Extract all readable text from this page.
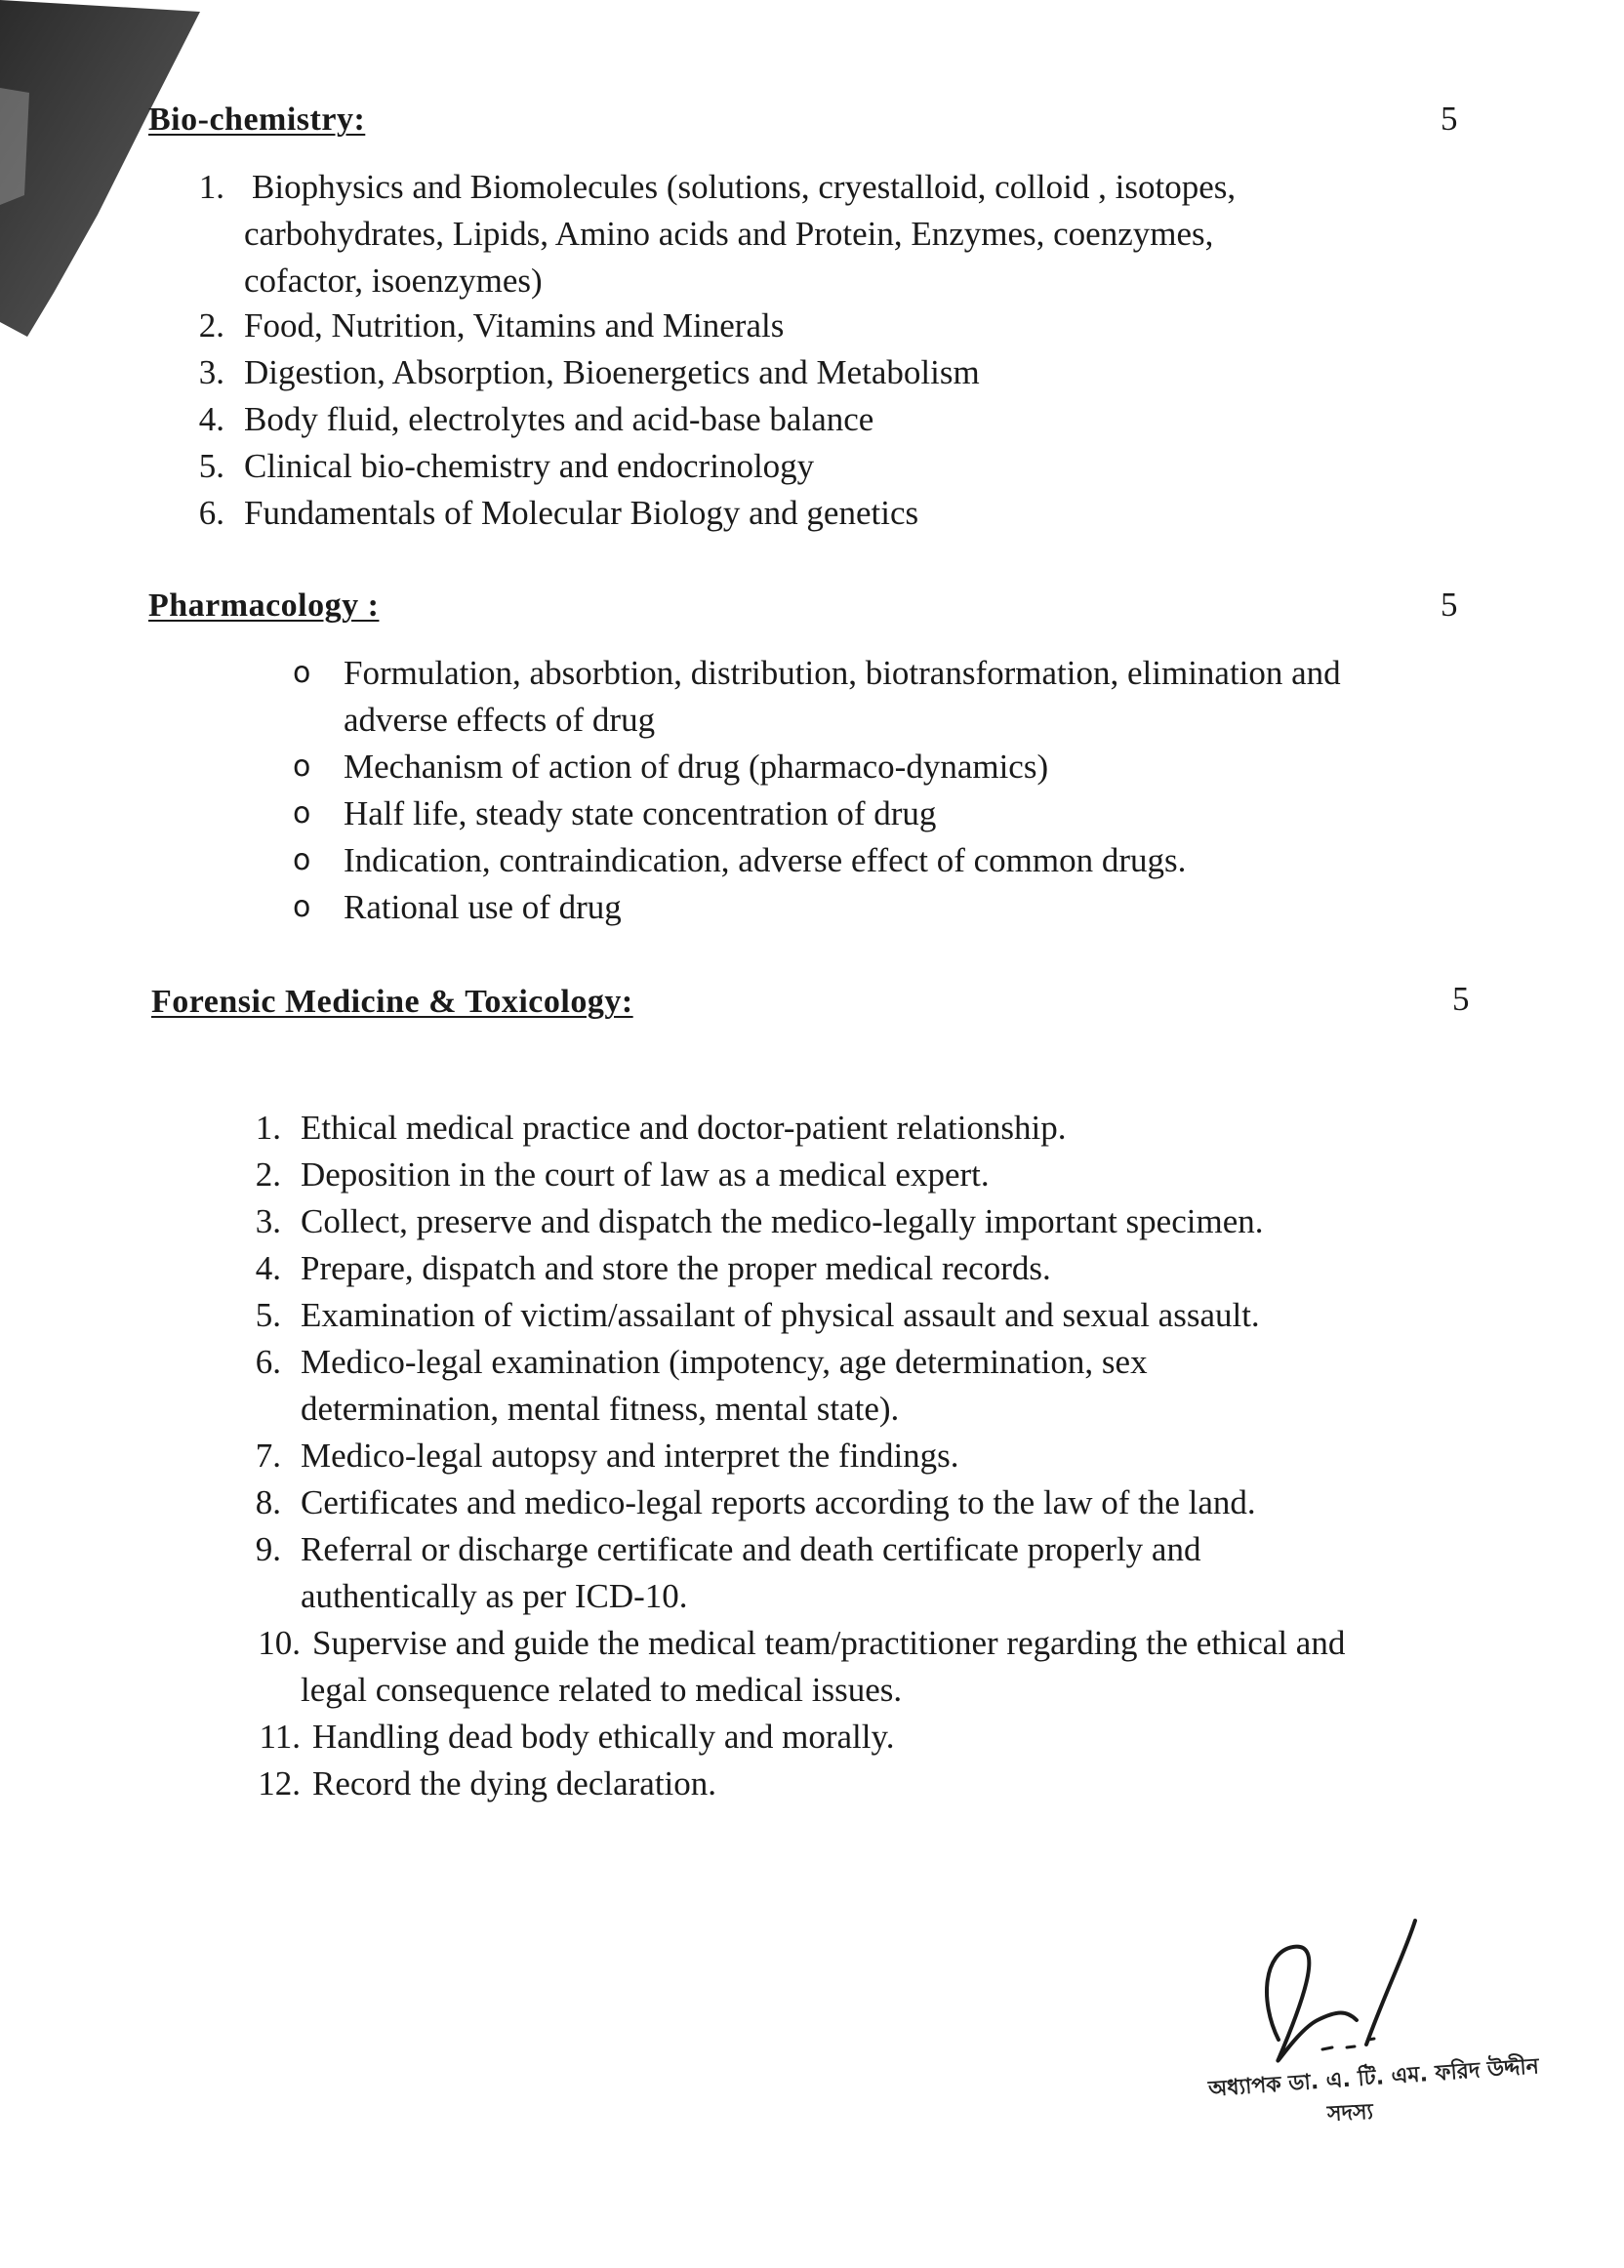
Bio-chemistry:	5
1. Biophysics and Biomolecules (solutions, cryestalloid, colloid , isotopes,
carbohydrates, Lipids, Amino acids and Protein, Enzymes, coenzymes,
cofactor, isoenzymes)
2. Food, Nutrition, Vitamins and Minerals
3. Digestion, Absorption, Bioenergetics and Metabolism
4. Body fluid, electrolytes and acid-base balance
5. Clinical bio-chemistry and endocrinology
6. Fundamentals of Molecular Biology and genetics
Pharmacology :	5
o Formulation, absorbtion, distribution, biotransformation, elimination and
adverse effects of drug
o Mechanism of action of drug (pharmaco-dynamics)
o Half life, steady state concentration of drug
o Indication, contraindication, adverse effect of common drugs.
o Rational use of drug
Forensic Medicine & Toxicology:	5
1. Ethical medical practice and doctor-patient relationship.
2. Deposition in the court of law as a medical expert.
3. Collect, preserve and dispatch the medico-legally important specimen.
4. Prepare, dispatch and store the proper medical records.
5. Examination of victim/assailant of physical assault and sexual assault.
6. Medico-legal examination (impotency, age determination, sex
determination, mental fitness, mental state).
7. Medico-legal autopsy and interpret the findings.
8. Certificates and medico-legal reports according to the law of the land.
9. Referral or discharge certificate and death certificate properly and
authentically as per ICD-10.
10. Supervise and guide the medical team/practitioner regarding the ethical and
legal consequence related to medical issues.
11. Handling dead body ethically and morally.
12. Record the dying declaration.
অধ্যাপক ডা. এ. টি. এম. ফরিদ উদ্দীন
সদস্য
